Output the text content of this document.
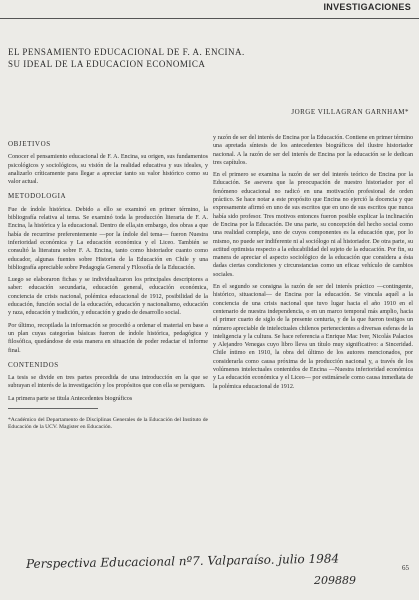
INVESTIGACIONES
EL PENSAMIENTO EDUCACIONAL DE F. A. ENCINA.
SU IDEAL DE LA EDUCACION ECONOMICA
JORGE VILLAGRAN GARNHAM*
OBJETIVOS

Conocer el pensamiento educacional de F. A. Encina, su origen, sus fundamentos psicológicos y sociológicos, su visión de la realidad educativa y sus ideales, y analizarlo críticamente para llegar a apreciar tanto su valor histórico como su valor actual.

METODOLOGIA

Fue de índole histórica. Debido a ello se examinó en primer término, la bibliografía relativa al tema. Se examinó toda la producción literaria de F. A. Encina, la histórica y la educacional. Dentro de ella,sin embargo, dos obras a que había de recurrirse preferentemente —por la índole del tema— fueron Nuestra inferioridad económica y La educación económica y el Liceo. También se consultó la literatura sobre F. A. Encina, tanto como historiador cuanto como educador, algunas fuentes sobre Historia de la Educación en Chile y una bibliografía apreciable sobre Pedagogía General y Filosofía de la Educación.

Luego se elaboraron fichas y se individualizaron los principales descriptores a saber: educación secundaria, educación general, educación económica, conciencia de crisis nacional, polémica educacional de 1912, posibilidad de la educación, función social de la educación, educación y nacionalismo, educación y raza, educación y tradición, y educación y grado de desarrollo social.

Por último, recopilada la información se procedió a ordenar el material en base a un plan cuyas categorías básicas fueron de índole histórica, pedagógica y filosófica, quedándose de esta manera en situación de poder redactar el informe final.

CONTENIDOS

La tesis se divide en tres partes precedida de una introducción en la que se subrayan el interés de la investigación y los propósitos que con ella se persiguen.

La primera parte se titula Antecedentes biográficos

*Académico del Departamento de Disciplinas Generales de la Educación del Instituto de Educación de la UCV. Magister en Educación.

y razón de ser del interés de Encina por la Educación. Contiene en primer término una apretada síntesis de los antecedentes biográficos del ilustre historiador nacional. A la razón de ser del interés de Encina por la educación se le dedican tres capítulos.

En el primero se examina la razón de ser del interés teórico de Encina por la Educación. Se asevera que la preocupación de nuestro historiador por el fenómeno educacional no radicó en una motivación profesional de orden práctico. Se hace notar a este propósito que Encina no ejerció la docencia y que expresamente afirmó en uno de sus escritos que en uno de sus escritos que nunca había sido profesor. Tres motivos entonces fueron posible explicar la inclinación de Encina por la Educación. De una parte, su concepción del hecho social como una realidad compleja, uno de cuyos componentes es la educación que, por lo mismo, no puede ser indiferente ni al sociólogo ni al historiador. De otra parte, su actitud optimista respecto a la educabilidad del sujeto de la educación. Por fin, su manera de apreciar el aspecto sociológico de la educación que considera a ésta dadas ciertas condiciones y circunstancias como un eficaz vehículo de cambios sociales.

En el segundo se consigna la razón de ser del interés práctico —contingente, histórico, situacional— de Encina por la educación. Se vincula aquél a la conciencia de una crisis nacional que tuvo lugar hacia el año 1910 en el centenario de nuestra independencia, o en un marco temporal más amplio, hacia el primer cuarto de siglo de la presente centuria, y de la que fueron testigos un número apreciable de intelectuales chilenos pertenecientes a diversas esferas de la inteligencia y la cultura. Se hace referencia a Enrique Mac Iver, Nicolás Palacios y Alejandro Venegas cuyo libro lleva un título muy significativo: a Sinceridad. Chile íntimo en 1910, la obra del último de los autores mencionados, por considerarla como causa próxima de la producción nacional y, a través de los volúmenes intelectuales contenidos de Encina —Nuestra inferioridad económica y La educación económica y el Liceo— por estimársele como causa inmediata de la polémica educacional de 1912.

65
Perspectiva Educacional nº7. Valparaíso. julio 1984
209889
